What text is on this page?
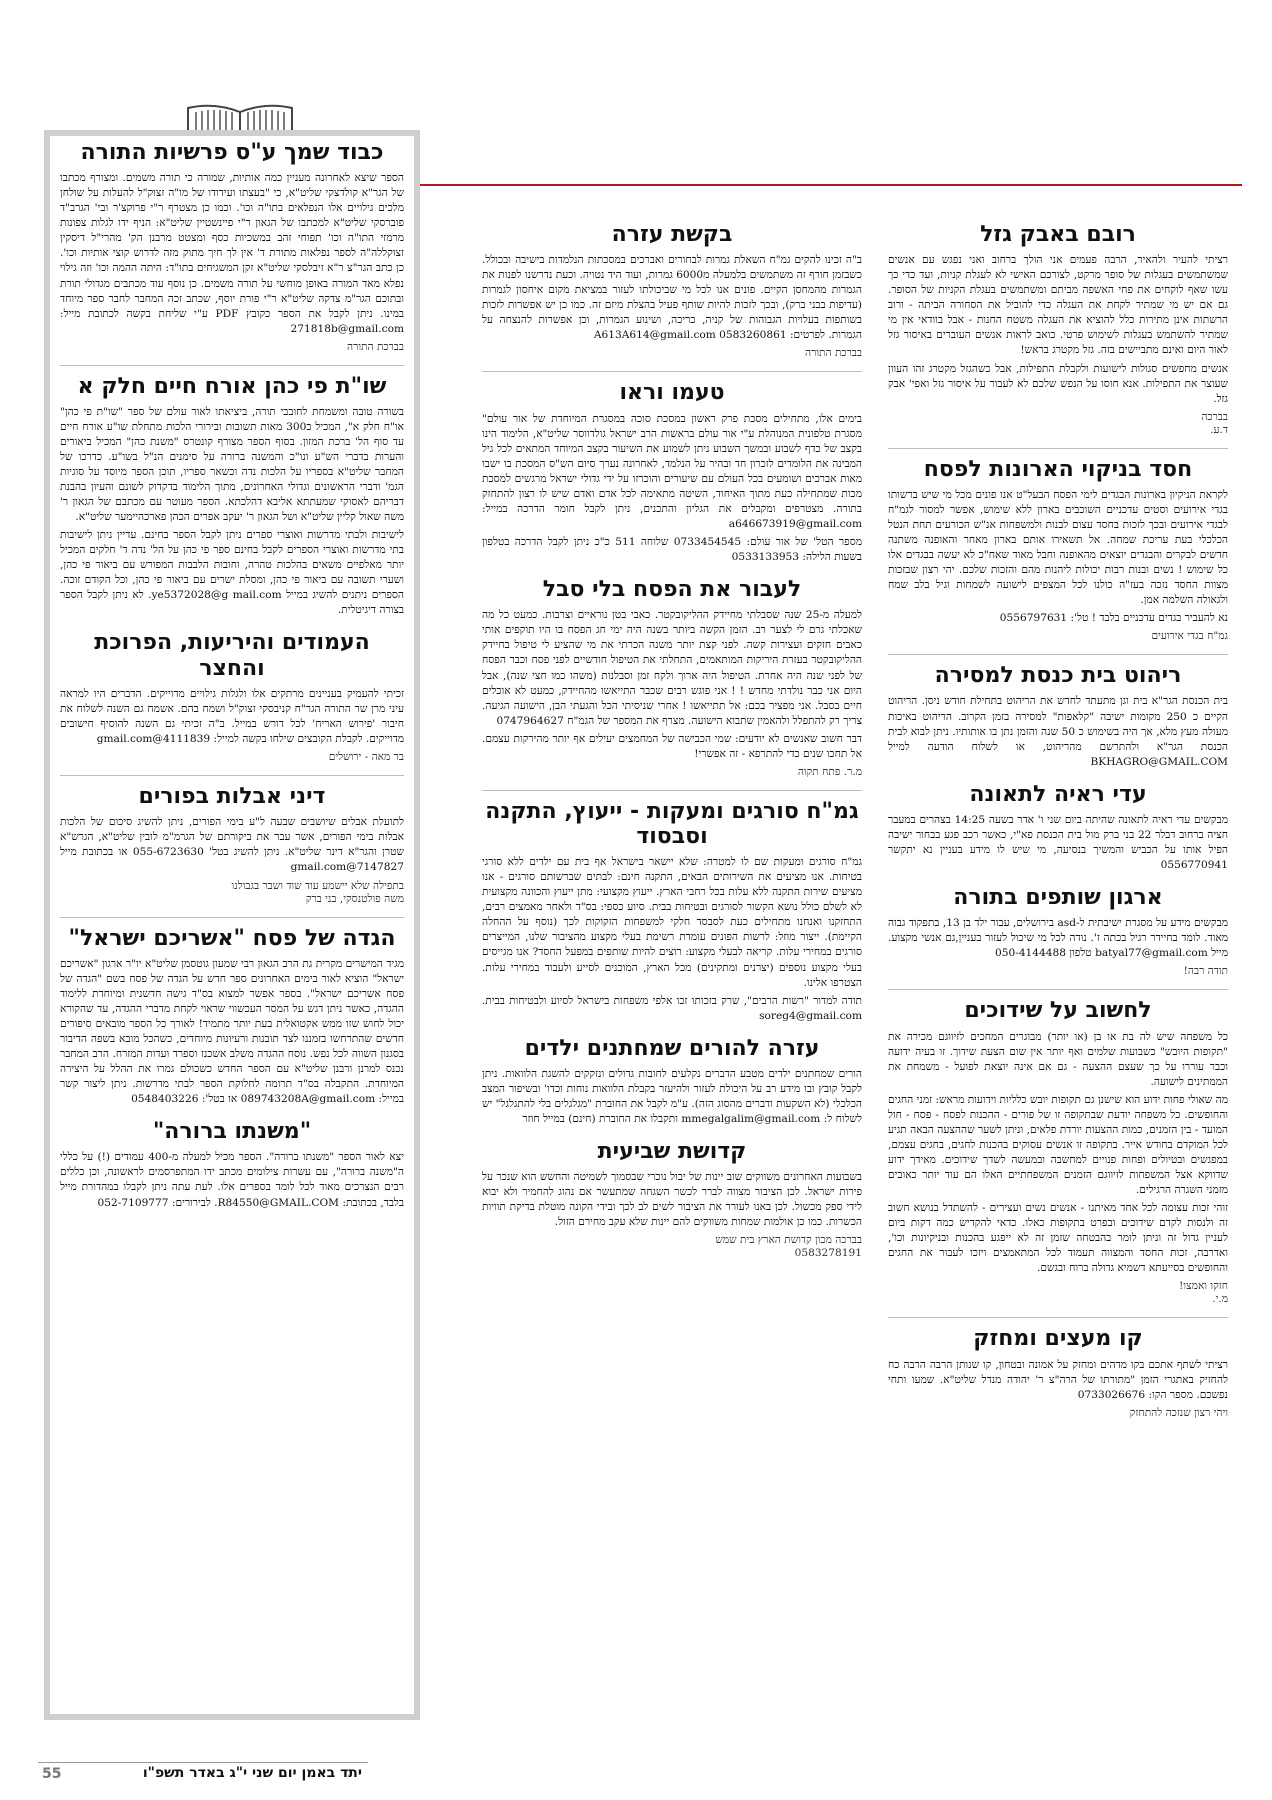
רובם באבק גזל

רציתי להעיר ולהאיר, הרבה פעמים אני הולך ברחוב ואני נפגש עם אנשים שמשתמשים בעגלות של סופר מרקט, לצורכם האישי לא לעגלת קניות, ועד כדי כך עשו שאף לוקחים את פחי האשפה מביתם ומשתמשים בעגלת הקניות של הסופר. גם אם יש מי שמתיר לקחת את העגלה כדי להוביל את הסחורה הביתה - ורוב הרשתות אינן מתירות כלל להוציא את העגלה משטח החנות - אבל בוודאי אין מי שמתיר להשתמש בעגלות לשימוש פרטי. כואב לראות אנשים העוברים באיסור גזל לאור היום ואינם מתביישים בזה. גזל מקטרג בראש!

אנשים מחפשים סגולות לישועות ולקבלת התפילות, אבל כשהגזל מקטרג זהו העוון שעוצר את התפילות. אנא חוסו על הנפש שלכם לא לעבור על איסור גזל ואפי' אבק גזל.

בברכה
ד.ע.
חסד בניקוי הארונות לפסח

לקראת הניקיון בארונות הבגדים לימי הפסח הבעל"ט אנו פונים מכל מי שיש ברשותו בגדי אירועים וסטים עדכניים השוכבים בארון ללא שימוש, אפשר למסור לגמ"ח לבגדי אירועים ובכך לזכות בחסד עצום לבנות ולמשפחות אנ"ש הכורעים תחת הנטל הכלכלי בעת עריכת שמחה. אל תשאירו אותם בארון מאחר והאופנה משתנה חדשים לבקרים והבגדים יוצאים מהאופנה וחבל מאוד שאח"כ לא יעשה בבגדים אלו כל שימוש ! נשים ובנות רבות יכולות ליהנות מהם והזכות שלכם. יהי רצון שבזכות מצוות החסד נזכה בעז"ה כולנו לכל המצפים לישועה לשמחות וגיל בלב שמח ולגאולה השלמה אמן.

נא להעביר בגדים עדכניים בלבד ! טל': 0556797631

גמ"ח בגדי אירועים
ריהוט בית כנסת למסירה

בית הכנסת הגר"א בית וגן מתעתד לחדש את הריהוט בתחילת חודש ניסן. הריהוט הקיים כ 250 מקומות ישיבה "קלאפות" למסירה בזמן הקרוב. הריהוט באיכות מעולה מעץ מלא, אך היה בשימוש כ 50 שנה והזמן נתן בו אותותיו. ניתן לבוא לבית הכנסת הגר"א ולהתרשם מהריהוט, או לשלוח הודעה למייל BKHAGRO@GMAIL.COM

עדי ראיה לתאונה

מבקשים עדי ראיה לתאונה שהיתה ביום שני ו' אדר בשעה 14:25 בצהרים במעבר חציה ברחוב דבלר 22 בני ברק מול בית הכנסת פא"י, כאשר רכב פגע בבחור ישיבה הפיל אותו על הכביש והמשיך בנסיעה, מי שיש לו מידע בעניין נא יתקשר 0556770941

ארגון שותפים בתורה

מבקשים מידע על מסגרת ישיבתית ל-asd בירושלים, עבור ילד בן 13, בתפקוד גבוה מאוד. לומד בחיידר רגיל בכתה ז'. נודה לכל מי שיכול לעזור בעניין,גם אנשי מקצוע. מייל batyal77@gmail.com טלפון 050-4144488

תודה רבה!
לחשוב על שידוכים

כל משפחה שיש לה בת או בן (או יותר) מבוגרים המחכים לזיווגם מכירה את "תקופות היובש" כשבועות שלמים ואף יותר אין שום הצעת שידוך. זו בעיה ידועה וכבר עוררו על כך שעצם ההצעה - גם אם אינה יוצאת לפועל - משמחת את הממתינים לישועה.

מה שאולי פחות ידוע הוא שישנן גם תקופות יובש כלליות וידועות מראש: זמני החגים והחופשים. כל משפחה יודעת שבתקופה זו של פורים - ההכנות לפסח - פסח - חול המועד - בין הזמנים, כמות ההצעות יורדת פלאים, וניתן לשער שההצעה הבאה תגיע לכל המוקדם בחודש אייר. בתקופה זו אנשים עסוקים בהכנות לחגים, בחגים עצמם, במפגשים ובטיולים ופחות פנויים למחשבה ובמעשה לשדך שידוכים. מאידך ידוע שדווקא אצל המשפחות לזיווגם הזמנים המשפחתיים האלו הם עוד יותר כאובים מזמני השגרה הרגילים.

זוהי זכות עצומה לכל אחד מאיתנו - אנשים נשים ועצירים - להשתדל בנושא חשוב זה ולנסות לקדם שידוכים ובפרט בתקופות כאלו. כדאי להקדיש כמה דקות ביום לעניין גדול זה וניתן לומר בהבטחה שזמן זה לא ייפגע בהכנות ובניקיונות וכו', ואדרבה, זכות החסד והמצווה תעמוד לכל המתאמצים ויזכו לעבור את החגים והחופשים בסייעתא דשמיא גדולה ברוח ובגשם.

חזקו ואמצו!
מ.י.
קו מעצים ומחזק

רציתי לשתף אתכם בקו מדהים ומחזק על אמונה ובטחון, קו שנותן הרבה הרבה כח להחזיק באתגרי הזמן "מתורתו של הרה"צ ר' יהודה מנדל שליט"א. שמעו ותחי נפשכם. מספר הקו: 0733026676

ויהי רצון שנזכה להתחזק
בקשת עזרה

ב"ה זכינו להקים גמ"ח השאלת גמרות לבחורים ואברכים במסכתות הנלמדות בישיבה ובכולל. כשבזמן חורף זה משתמשים בלמעלה מ6000 גמרות, ועוד היד נטויה. וכעת נדרשנו לפנות את הגמרות מהמחסן הקיים. פונים אנו לכל מי שביכולתו לעזור במציאת מקום איחסון לגמרות (עדיפות בבני ברק), ובכך לזכות להיות שותף פעיל בהצלת מיזם זה. כמו כן יש אפשרות לזכות בשותפות בעלויות הגבוהות של קניה, כריכה, ושינוע הגמרות, וכן אפשרות להנצחה על הגמרות. לפרטים: A613A614@gmail.com 0583260861

בברכת התורה
טעמו וראו

בימים אלו, מתחילים מסכת פרק ראשון במסכת סוכה במסגרת המיוחדת של אור עולם" מסגרת טלפונית המנוהלת ע"י אור עולם בראשות הרב ישראל גולדווסר שליט"א, הלימוד הינו בקצב של כדף לשבוע ובמשך השבוע ניתן לשמוע את השיעור בקצב המיוחד המתאים לכל גיל המבינה את הלומדים לזכרון חד ובהיר על הנלמד, לאחרונה נערך סיום הש"ס המסכת בו ישבו מאות אברכים ושומעים בכל העולם עם שיעורים והוכרזו על ידי גדולי ישראל מרגשים למסכת מכות שמתחילה כעת מתוך האיחוד, השיטה מתאימה לכל אדם ואדם שיש לו רצון להתחזק בתורה. מצטרפים ומקבלים את הגליון והתכנים, ניתן לקבל חומר הדרכה במייל: a646673919@gmail.com

מספר הטל' של אור עולם: 0733454545 שלוחה 511 כ"כ ניתן לקבל הדרכה בטלפון בשעות הלילה: 0533133953

לעבור את הפסח בלי סבל

למעלה מ-25 שנה שסבלתי מחיידק ההליקובקטר. כאבי בטן נוראיים וצרבות. כמעט כל מה שאכלתי גרם לי לצער רב. הזמן הקשה ביותר בשנה היה ימי חג הפסח בו היו תוקפים אותי כאבים חזקים ועצירות קשה. לפני קצת יותר משנה הכרתי את מי שהציע לי טיפול בחיידק ההליקובקטר בעזרת היריקות המותאמים, התחלתי את הטיפול חודשיים לפני פסח וכבר הפסח של לפני שנה היה אחרת. הטיפול היה ארוך ולקח זמן וסבלנות (משהו כמו חצי שנה), אבל היום אני כבר נולדתי מחדש ! ! אני פוגש רבים שכבר התייאשו מהחיידק, כמעט לא אוכלים חיים בסבל. אני מפציר בכם: אל תתייאשו ! אחרי שניסיתי הכל והגעתי הבן, הישועה הגיעה. צריך רק להתפלל ולהאמין שתבוא הישועה. מצרף את המספר של הגמ"ח 0747964627

דבר חשוב שאנשים לא יודעים: שמי הכבישה של המחמצים יעילים אף יותר מהירקות עצמם. אל תחכו שנים כדי להתרפא - זה אפשרי!

מ.ר. פתח תקוה
גמ"ח סורגים ומעקות - ייעוץ, התקנה וסבסוד

גמ"ח סורגים ומעקות שם לו למטרה: שלא יישאר בישראל אף בית עם ילדים ללא סורגי בטיחות. אנו מציעים את השירותים הבאים, התקנה חינם: לבתים שברשותם סורגים - אנו מציעים שירות התקנה ללא עלות בכל רחבי הארץ. ייעוץ מקצועי: מתן ייעוץ והכוונה מקצועית לא לשלם כולל נושא הקשור לסורגים ובטיחות בבית. סיוע כספי: בס"ד ולאחר מאמצים רבים, התחזקנו ואנחנו מתחילים כעת לסבסד חלקי למשפחות הזקוקות לכך (נוסף על ההחלה הקיימת). ייצור מוזל: לרשות הפונים עומדת רשימת בעלי מקצוע מהציבור שלנו, המייצרים סורגים במחירי עלות. קריאה לבעלי מקצוע: רוצים להיות שותפים במפעל החסד? אנו מגייסים בעלי מקצוע נוספים (יצרנים ומתקינים) מכל הארץ, המוכנים לסייע ולעבוד במחירי עלות. הצטרפו אלינו.

תודה למדור "רשות הרבים", שרק בזכותו זכו אלפי משפחות בישראל לסיוע ולבטיחות בבית. soreg4@gmail.com

עזרה להורים שמחתנים ילדים

הורים שמחתנים ילדים מטבע הדברים נקלעים לחובות גדולים ונזקקים להשגת הלוואות. ניתן לקבל קובץ ובו מידע רב על היכולת לעזור ולהיעזר בקבלת הלוואות נוחות וכדו' ובשיפור המצב הכלכלי (לא השקעות ודברים מהסוג הזה). ע"מ לקבל את החוברת "מגלגלים בלי להתגלגל" יש לשלוח ל: mmegalgalim@gmail.com ותקבלו את החוברת (חינם) במייל חוזר

קדושת שביעית

בשבועות האחרונים משווקים שוב יינות של יבול נוכרי שבסמוך לשמיטה והחשש הוא שנכר על פירות ישראל. לכן הציבור מצווה לברר לכשר השגחה שמתעשר אם נהוג להחמיר ולא יבוא לידי ספק מכשול. לכן באנו לעורר את הציבור לשים לב לכך ובידי הקונה מוטלת בדיקת תוויות הכשרות. כמו כן אולמות שמחות משווקים להם יינות שלא עקב מחירם הזול.

בברכה מכון קדושת הארץ בית שמש
0583278191
כבוד שמך ע"ס פרשיות התורה

הספר שיצא לאחרונה מעניין כמה אותיות, שמורה כי תורה משמים. ומצורף מכתבו של הגר"א קולדצקי שליט"א, כי "בעצתו ועידודו של מו"ה זצוק"ל להעלות על שולחן מלכים גילויים אלו הנפלאים בתו"ה וכו'. וכמו כן מצטרף ר"י פרוקצ'ר ובי' הגרב"ד פוברסקי שליט"א למכתבו של הגאון ר"י פיינשטיין שליט"א: הניף ידו לגלות צפונות מרמזי התו"ה וכו' תפוחי זהב במשכיות כסף ומצטט מרבנן הק' מהרי"ל דיסקין זצוקללה"ה לספר נפלאות מתורת ד' אין לך חיך מתוק מזה לדרוש קוצי אותיות וכו'. כן כתב הגר"צ ר"א זיבלסקי שליט"א זקן המשגיחים בתו"ד: היתה ההמה וכו' וזה גילוי נפלא מאד המורה באופן מוחשי על תורה משמים. כן נוסף עוד מכתבים מגדולי תורת ובתוכם הגר"מ צדקה שליט"א ר"י פורת יוסף, שכתב זכה המחבר לחבר ספר מיוחד במינו. ניתן לקבל את הספר כקובץ PDF ע"י שליחת בקשה לכתובת מייל: 271818b@gmail.com

בברכת התורה
שו"ת פי כהן אורח חיים חלק א

בשורה טובה ומשמחת לחובבי תורה, ביציאתו לאור עולם של ספר "שו"ת פי כהן" או"ח חלק א", המכיל כ300 מאות תשובות ובירורי הלכות מתחלת שו"ע אורח חיים עד סוף הל' ברכת המזון. בסוף הספר מצורף קונטרס "משנת כהן" המכיל ביאורים והערות בדברי הש"ע ונו"כ והמשנה ברורה על סימנים הנ"ל בשו"ע. כדרכו של המחבר שליט"א בספריו על הלכות נדה וכשאר ספריו, תוכן הספר מיוסד על סוגיות הגמ' ודברי הראשונים וגדולי האחרונים, מתוך הלימוד בדקדוק לשונם והעיון בהבנת דבריהם לאסוקי שמעתתא אליבא דהלכתא. הספר מעוטר עם מכתבם של הגאון ר' משה שאול קליין שליט"א ושל הגאון ר' יעקב אפרים הכהן פארכהיימער שליט"א.

לישיבות ולבתי מדרשות ואוצרי ספרים ניתן לקבל הספר בחינם. עדיין ניתן לישיבות בתי מדרשות ואוצרי הספרים לקבל בחינם ספר פי כהן על הל' נדה ד' חלקים המכיל יותר מאלפיים משאים בהלכות טהרה, וחובות הלבבות המפורש עם ביאור פי כהן, ושערי תשובה עם ביאור פי כהן, ומסלת ישרים עם ביאור פי כהן, וכל הקודם זוכה. הספרים ניתנים להשיג במייל ye5372028@g mail.com. לא ניתן לקבל הספר בצורה דיגיטלית.

העמודים והיריעות, הפרוכת והחצר

זכיתי להעמיק בעניינים מרתקים אלו ולגלות גילויים מדוייקים. הדברים היו למראה עיני מרן שר התורה הגר"ח קניבסקי זצוק"ל ושמח בהם. אשמח גם השנה לשלוח את חיבור 'פירוש האריח' לכל דורש במייל. ב"ה זכיתי גם השנה להוסיף חישובים מדוייקים. לקבלת הקובצים שילחו בקשה למייל: 4111839@gmail.com

בר מאה - ירושלים
דיני אבלות בפורים

לתועלת אבלים שיושבים שבעה ל"ע בימי הפורים, ניתן להשיג סיכום של הלכות אבלות בימי הפורים, אשר עבר את ביקורתם של הגרמ"מ לובין שליט"א, הגרש"א שטרן והגר"א דינר שליט"א. ניתן להשיג בטל' 055-6723630 או בכתובת מייל 7147827@gmail.com

בתפילה שלא יישמע עוד שוד ושבר בגבולנו
משה פולטנסקי, בני ברק
הגדה של פסח "אשריכם ישראל"

מגיד המישרים מקרית גת הרב הגאון רבי שמעון גוטסמן שליט"א יו"ר ארגון "אשריכם ישראל" הוציא לאור בימים האחרונים ספר חדש על הגדה של פסח בשם "הגדה של פסח אשריכם ישראל". בספר אפשר למצוא בס"ד גישה חדשנית ומיוחדת ללימוד ההגדה, כאשר ניתן דגש על המסר העכשווי שראוי לקחת מדברי ההגדה, עד שהקורא יכול לחוש שזו ממש אקטואלית בעת יותר מתמיד! לאורך כל הספר מובאים סיפורים חדשים שהתרחשו בזמננו לצד תובנות ורעיונות מיוחדים, כשהכל מובא בשפה הדיבור בסגנון השווה לכל נפש. נוסח ההגדה משלב אשכנז וספרד ועדות המזרח. הרב המחבר נכנס למרנן ורבנן שליט"א עם הספר החדש כשכולם גמרו את ההלל על היצירה המיוחדת. התקבלה בס"ד תרומה לחלוקת הספר לבתי מדרשות. ניתן ליצור קשר במייל: 089743208A@gmail.com או בטל': 0548403226

"משנתו ברורה"

יצא לאור הספר "משנתו ברורה". הספר מכיל למעלה מ-400 עמודים (!) על כללי ה"משנה ברורה", עם עשרות צילומים מכתב ידו המתפרסמים לראשונה, וכן כללים רבים הנצרכים מאוד לכל לומד בספרים אלו. לעת עתה ניתן לקבלו במהדורת מייל בלבד, בכתובת: R84550@GMAIL.COM. לבירורים: 052-7109777

55	יתד באמן יום שני י"ג באדר תשפ"ו
